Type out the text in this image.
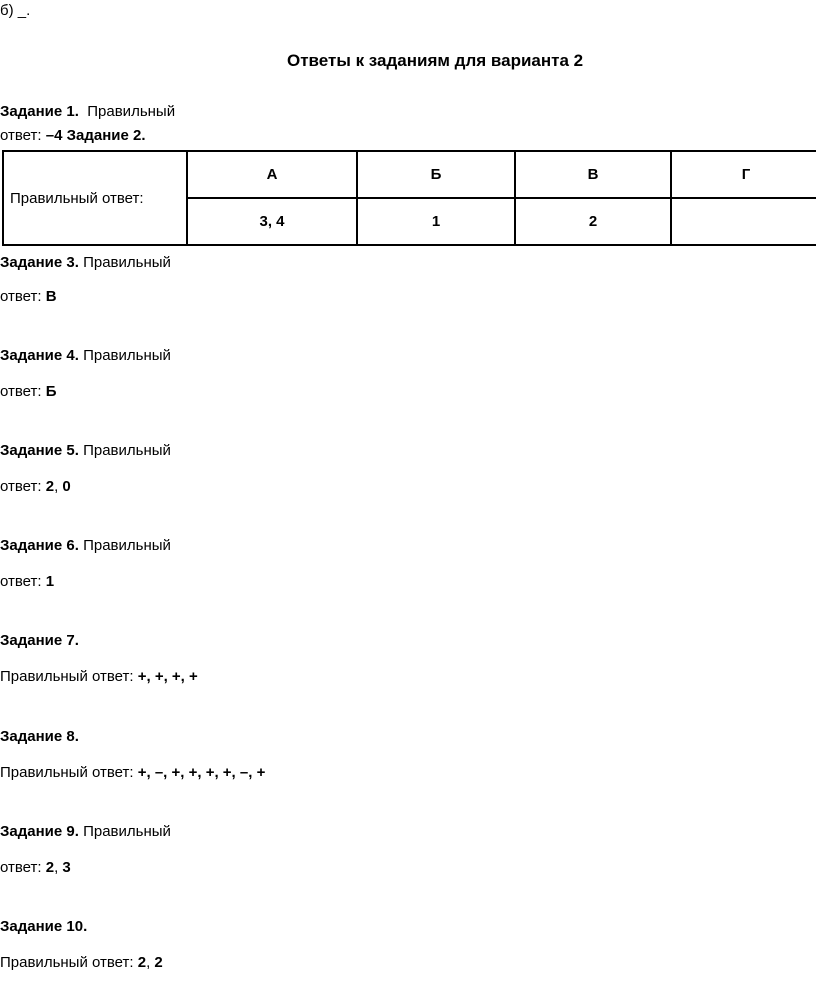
б) _.
Ответы к заданиям для варианта 2
Задание 1. Правильный
ответ: –4 Задание 2.
Правильный ответ:	А	Б	В	Г
	3, 4	1	2	
Задание 3. Правильный
ответ: В
Задание 4. Правильный
ответ: Б
Задание 5. Правильный
ответ: 2, 0
Задание 6. Правильный
ответ: 1
Задание 7.
Правильный ответ: +, +, +, +
Задание 8.
Правильный ответ: +, –, +, +, +, +, –, +
Задание 9. Правильный
ответ: 2, 3
Задание 10.
Правильный ответ: 2, 2
